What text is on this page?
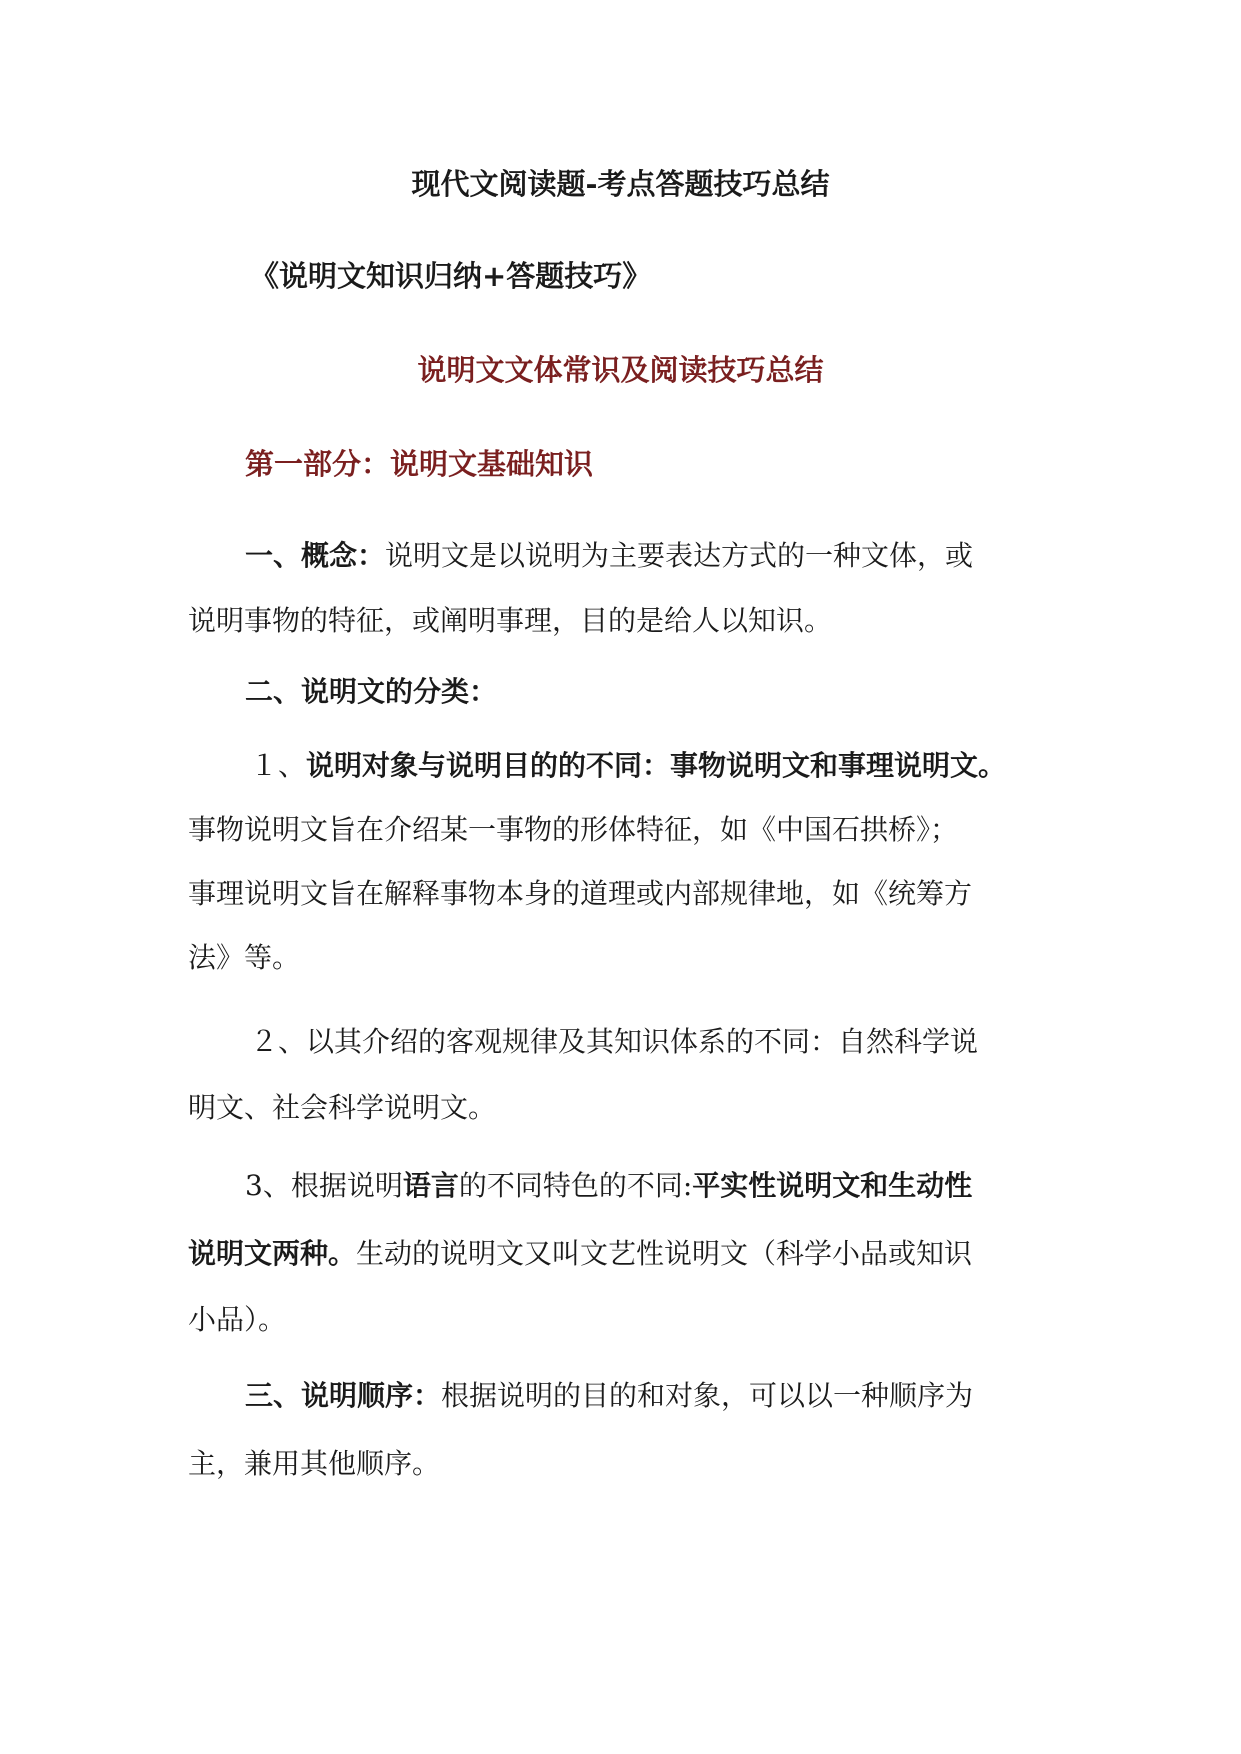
现代文阅读题-考点答题技巧总结
《说明文知识归纳+答题技巧》
说明文文体常识及阅读技巧总结
第一部分：说明文基础知识
一、概念：说明文是以说明为主要表达方式的一种文体，或
说明事物的特征，或阐明事理，目的是给人以知识。
二、说明文的分类：
１、说明对象与说明目的的不同：事物说明文和事理说明文。
事物说明文旨在介绍某一事物的形体特征，如《中国石拱桥》；
事理说明文旨在解释事物本身的道理或内部规律地，如《统筹方
法》等。
２、以其介绍的客观规律及其知识体系的不同：自然科学说
明文、社会科学说明文。
3、根据说明语言的不同特色的不同:平实性说明文和生动性
说明文两种。生动的说明文又叫文艺性说明文（科学小品或知识
小品）。
三、说明顺序：根据说明的目的和对象，可以以一种顺序为
主，兼用其他顺序。
